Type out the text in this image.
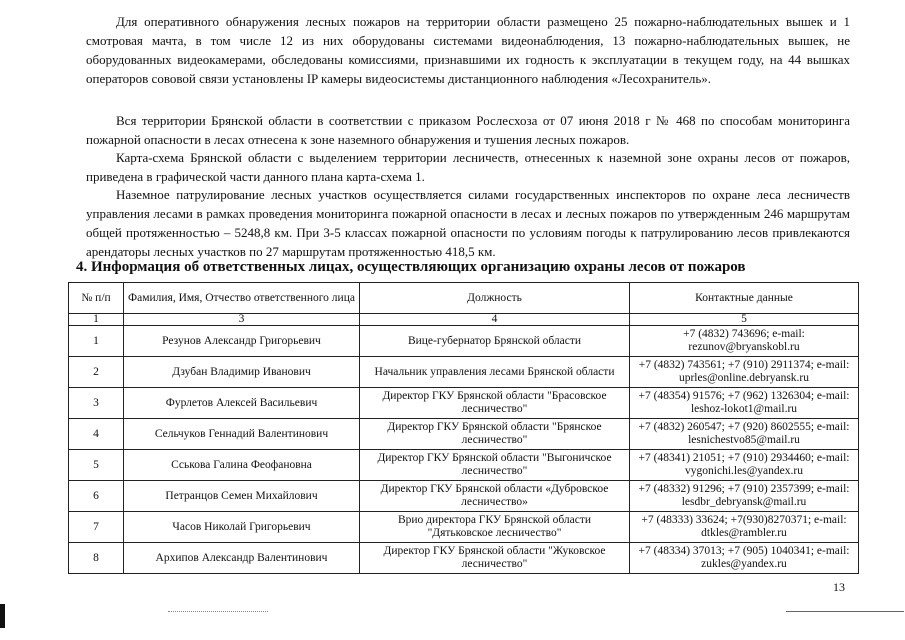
Для оперативного обнаружения лесных пожаров на территории области размещено 25 пожарно-наблюдательных вышек и 1 смотровая мачта, в том числе 12 из них оборудованы системами видеонаблюдения, 13 пожарно-наблюдательных вышек, не оборудованных видеокамерами, обследованы комиссиями, признавшими их годность к эксплуатации в текущем году, на 44 вышках операторов сововой связи установлены IP камеры видеосистемы дистанционного наблюдения «Лесохранитель».

Вся территории Брянской области в соответствии с приказом Рослесхоза от 07 июня 2018 г № 468 по способам мониторинга пожарной опасности в лесах отнесена к зоне наземного обнаружения и тушения лесных пожаров.

Карта-схема Брянской области с выделением территории лесничеств, отнесенных к наземной зоне охраны лесов от пожаров, приведена в графической части данного плана карта-схема 1.

Наземное патрулирование лесных участков осуществляется силами государственных инспекторов по охране леса лесничеств управления лесами в рамках проведения мониторинга пожарной опасности в лесах и лесных пожаров по утвержденным 246 маршрутам общей протяженностью – 5248,8 км. При 3-5 классах пожарной опасности по условиям погоды к патрулированию лесов привлекаются арендаторы лесных участков по 27 маршрутам протяженностью 418,5 км.

4. Информация об ответственных лицах, осуществляющих организацию охраны лесов от пожаров
№ п/п	Фамилия, Имя, Отчество ответственного лица	Должность	Контактные данные
1	3	4	5
1	Резунов Александр Григорьевич	Вице-губернатор Брянской области	+7 (4832) 743696; e-mail: rezunov@bryanskobl.ru
2	Дзубан Владимир Иванович	Начальник управления лесами Брянской области	+7 (4832) 743561; +7 (910) 2911374; e-mail: uprles@online.debryansk.ru
3	Фурлетов Алексей Васильевич	Директор ГКУ Брянской области "Брасовское лесничество"	+7 (48354) 91576; +7 (962) 1326304; e-mail: leshoz-lokot1@mail.ru
4	Сельчуков Геннадий Валентинович	Директор ГКУ Брянской области "Брянское лесничество"	+7 (4832) 260547; +7 (920) 8602555; e-mail: lesnichestvo85@mail.ru
5	Сськова Галина Феофановна	Директор ГКУ Брянской области "Выгоничское лесничество"	+7 (48341) 21051; +7 (910) 2934460; e-mail: vygonichi.les@yandex.ru
6	Петранцов Семен Михайлович	Директор ГКУ Брянской области «Дубровское лесничество»	+7 (48332) 91296; +7 (910) 2357399; e-mail: lesdbr_debryansk@mail.ru
7	Часов Николай Григорьевич	Врио директора ГКУ Брянской области "Дятьковское лесничество"	+7 (48333) 33624; +7(930)8270371; e-mail: dtkles@rambler.ru
8	Архипов Александр Валентинович	Директор ГКУ Брянской области "Жуковское лесничество"	+7 (48334) 37013; +7 (905) 1040341; e-mail: zukles@yandex.ru
13
